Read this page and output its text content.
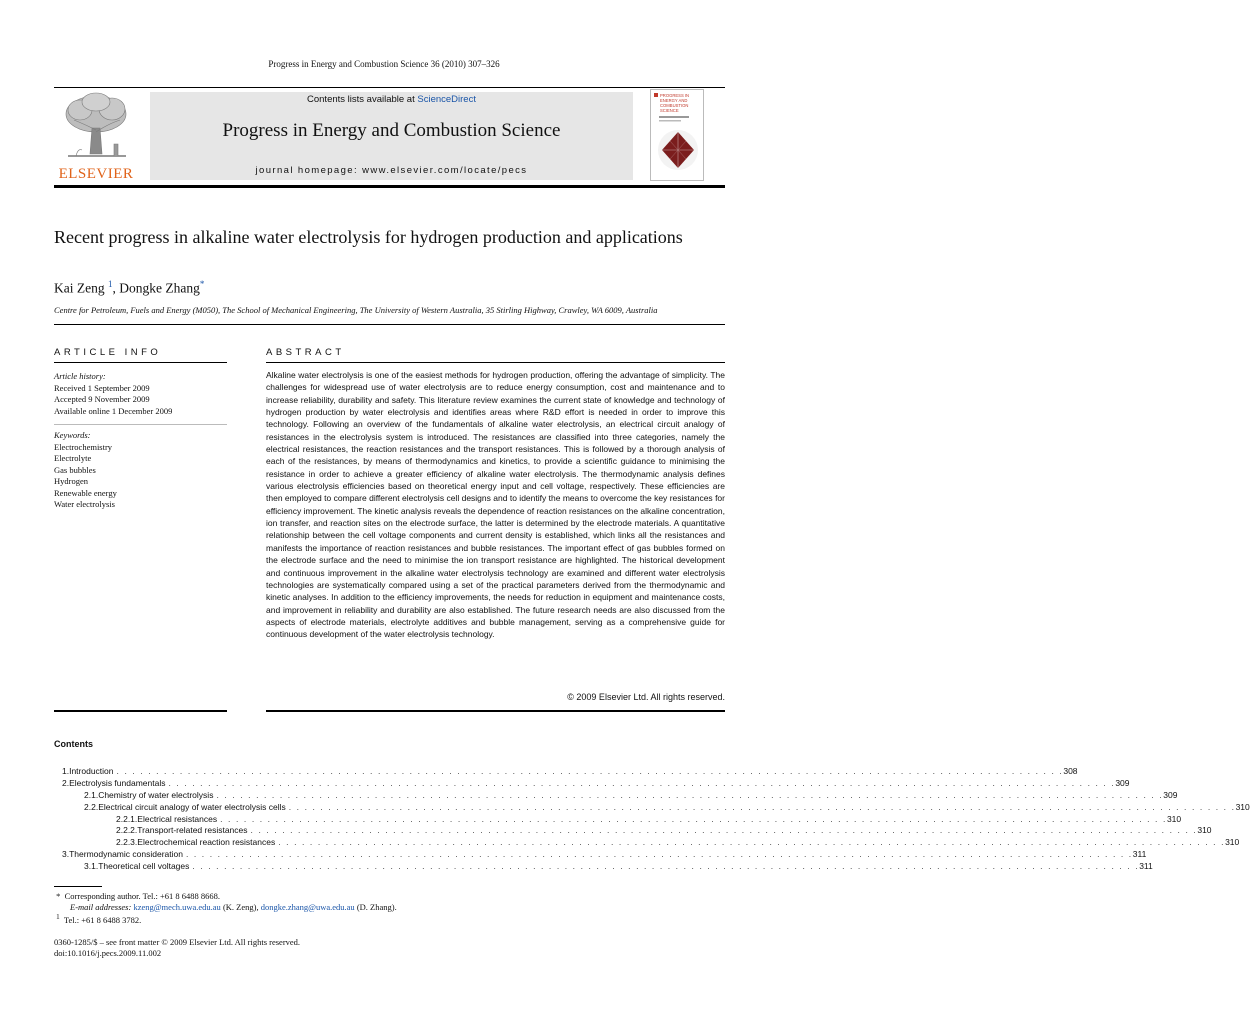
Progress in Energy and Combustion Science 36 (2010) 307–326
ELSEVIER
Contents lists available at ScienceDirect
Progress in Energy and Combustion Science
journal homepage: www.elsevier.com/locate/pecs
PROGRESS IN
ENERGY AND
COMBUSTION
SCIENCE
Recent progress in alkaline water electrolysis for hydrogen production and applications
Kai Zeng $^1$, Dongke Zhang*
Centre for Petroleum, Fuels and Energy (M050), The School of Mechanical Engineering, The University of Western Australia, 35 Stirling Highway, Crawley, WA 6009, Australia
ARTICLE INFO
Article history:
Received 1 September 2009
Accepted 9 November 2009
Available online 1 December 2009
Keywords:
Electrochemistry
Electrolyte
Gas bubbles
Hydrogen
Renewable energy
Water electrolysis
ABSTRACT
Alkaline water electrolysis is one of the easiest methods for hydrogen production, offering the advantage of simplicity. The challenges for widespread use of water electrolysis are to reduce energy consumption, cost and maintenance and to increase reliability, durability and safety. This literature review examines the current state of knowledge and technology of hydrogen production by water electrolysis and identifies areas where R&D effort is needed in order to improve this technology. Following an overview of the fundamentals of alkaline water electrolysis, an electrical circuit analogy of resistances in the electrolysis system is introduced. The resistances are classified into three categories, namely the electrical resistances, the reaction resistances and the transport resistances. This is followed by a thorough analysis of each of the resistances, by means of thermodynamics and kinetics, to provide a scientific guidance to minimising the resistance in order to achieve a greater efficiency of alkaline water electrolysis. The thermodynamic analysis defines various electrolysis efficiencies based on theoretical energy input and cell voltage, respectively. These efficiencies are then employed to compare different electrolysis cell designs and to identify the means to overcome the key resistances for efficiency improvement. The kinetic analysis reveals the dependence of reaction resistances on the alkaline concentration, ion transfer, and reaction sites on the electrode surface, the latter is determined by the electrode materials. A quantitative relationship between the cell voltage components and current density is established, which links all the resistances and manifests the importance of reaction resistances and bubble resistances. The important effect of gas bubbles formed on the electrode surface and the need to minimise the ion transport resistance are highlighted. The historical development and continuous improvement in the alkaline water electrolysis technology are examined and different water electrolysis technologies are systematically compared using a set of the practical parameters derived from the thermodynamic and kinetic analyses. In addition to the efficiency improvements, the needs for reduction in equipment and maintenance costs, and improvement in reliability and durability are also established. The future research needs are also discussed from the aspects of electrode materials, electrolyte additives and bubble management, serving as a comprehensive guide for continuous development of the water electrolysis technology.
© 2009 Elsevier Ltd. All rights reserved.
Contents
1. Introduction . . . . . . . . . . . . . . . . . . . . . . . . . . . . . . . . . . . . . . . . . . . . . . . . . . . . . . . . . . . . . . . . . . . . . . . . . . . . . . . . . . . . . . . . . . . . . . . . . . . . . . . . . . . . . . . . . . . . . . . . 308
2. Electrolysis fundamentals . . . . . . . . . . . . . . . . . . . . . . . . . . . . . . . . . . . . . . . . . . . . . . . . . . . . . . . . . . . . . . . . . . . . . . . . . . . . . . . . . . . . . . . . . . . . . . . . . . . . . . . . . . . . . . . . . . . . . . . . 309
2.1. Chemistry of water electrolysis . . . . . . . . . . . . . . . . . . . . . . . . . . . . . . . . . . . . . . . . . . . . . . . . . . . . . . . . . . . . . . . . . . . . . . . . . . . . . . . . . . . . . . . . . . . . . . . . . . . . . . . . . . . . . . . . . . . . . . . . 309
2.2. Electrical circuit analogy of water electrolysis cells . . . . . . . . . . . . . . . . . . . . . . . . . . . . . . . . . . . . . . . . . . . . . . . . . . . . . . . . . . . . . . . . . . . . . . . . . . . . . . . . . . . . . . . . . . . . . . . . . . . . . . . . . . . . . . . . . . . . . . . . 310
2.2.1. Electrical resistances . . . . . . . . . . . . . . . . . . . . . . . . . . . . . . . . . . . . . . . . . . . . . . . . . . . . . . . . . . . . . . . . . . . . . . . . . . . . . . . . . . . . . . . . . . . . . . . . . . . . . . . . . . . . . . . . . . . . . . . . 310
2.2.2. Transport-related resistances . . . . . . . . . . . . . . . . . . . . . . . . . . . . . . . . . . . . . . . . . . . . . . . . . . . . . . . . . . . . . . . . . . . . . . . . . . . . . . . . . . . . . . . . . . . . . . . . . . . . . . . . . . . . . . . . . . . . . . . . 310
2.2.3. Electrochemical reaction resistances . . . . . . . . . . . . . . . . . . . . . . . . . . . . . . . . . . . . . . . . . . . . . . . . . . . . . . . . . . . . . . . . . . . . . . . . . . . . . . . . . . . . . . . . . . . . . . . . . . . . . . . . . . . . . . . . . . . . . . . . 310
3. Thermodynamic consideration . . . . . . . . . . . . . . . . . . . . . . . . . . . . . . . . . . . . . . . . . . . . . . . . . . . . . . . . . . . . . . . . . . . . . . . . . . . . . . . . . . . . . . . . . . . . . . . . . . . . . . . . . . . . . . . . . . . . . . . . 311
3.1. Theoretical cell voltages . . . . . . . . . . . . . . . . . . . . . . . . . . . . . . . . . . . . . . . . . . . . . . . . . . . . . . . . . . . . . . . . . . . . . . . . . . . . . . . . . . . . . . . . . . . . . . . . . . . . . . . . . . . . . . . . . . . . . . . . 311
* Corresponding author. Tel.: +61 8 6488 8668.
E-mail addresses: kzeng@mech.uwa.edu.au (K. Zeng), dongke.zhang@uwa.edu.au (D. Zhang).
$^1$ Tel.: +61 8 6488 3782.
0360-1285/$ – see front matter © 2009 Elsevier Ltd. All rights reserved.
doi:10.1016/j.pecs.2009.11.002
